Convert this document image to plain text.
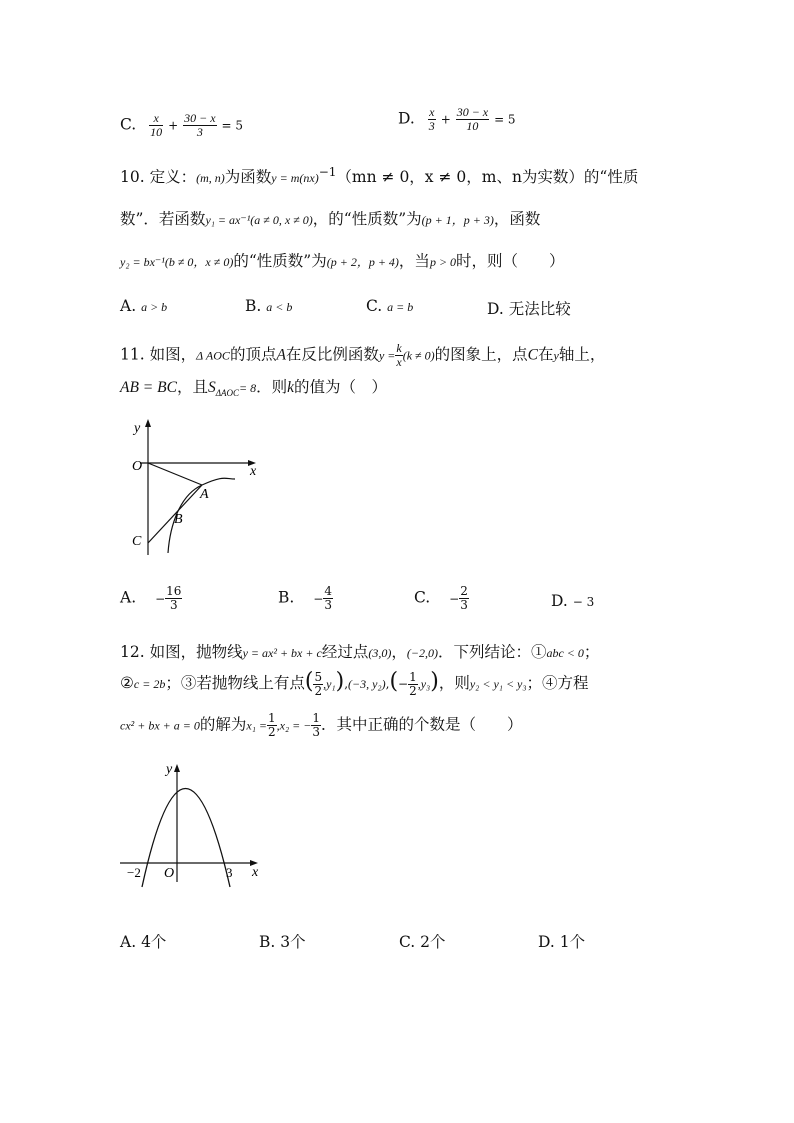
C. $\frac{x}{10} + \frac{30 - x}{3} = 5$	D. $\frac{x}{3} + \frac{30 - x}{10} = 5$
10. 定义：(m, n)为函数y = m(nx)$^{-1}$（mn ≠ 0，x ≠ 0，m、n为实数）的“性质
数”．若函数y₁ = ax⁻¹(a ≠ 0, x ≠ 0)，的“性质数”为(p + 1，p + 3)，函数
y₂ = bx⁻¹(b ≠ 0，x ≠ 0)的“性质数”为(p + 2，p + 4)，当p > 0时，则（　　）
A. a > b	B. a < b	C. a = b	D. 无法比较
11. 如图，Δ AOC的顶点A在反比例函数$y = \frac{k}{x} (k \ne 0)$的图象上，点C在y轴上，
AB = BC，且$S_{\Delta AOC}= 8$．则k的值为（　）
y
x
O
A
B
C
A. − $\frac{16}{3}$	B. − $\frac{4}{3}$	C. − $\frac{2}{3}$	D. − 3
12. 如图，抛物线y = ax² + bx + c经过点(3,0)，(−2,0)．下列结论：①abc < 0；
②c = 2b；③若抛物线上有点( $\frac{5}{2} ,y_1),(-3$, $y_2),(- \frac{1}{2} ,y_3)$，则y₂ < y₁ < y₃；④方程
cx² + bx + a = 0的解为$x_1 = \frac{1}{2} ,x_2$ = − $\frac{1}{3}$ ．其中正确的个数是（　　）
y
x
O
−2	3
A. 4个	B. 3个	C. 2个	D. 1个
